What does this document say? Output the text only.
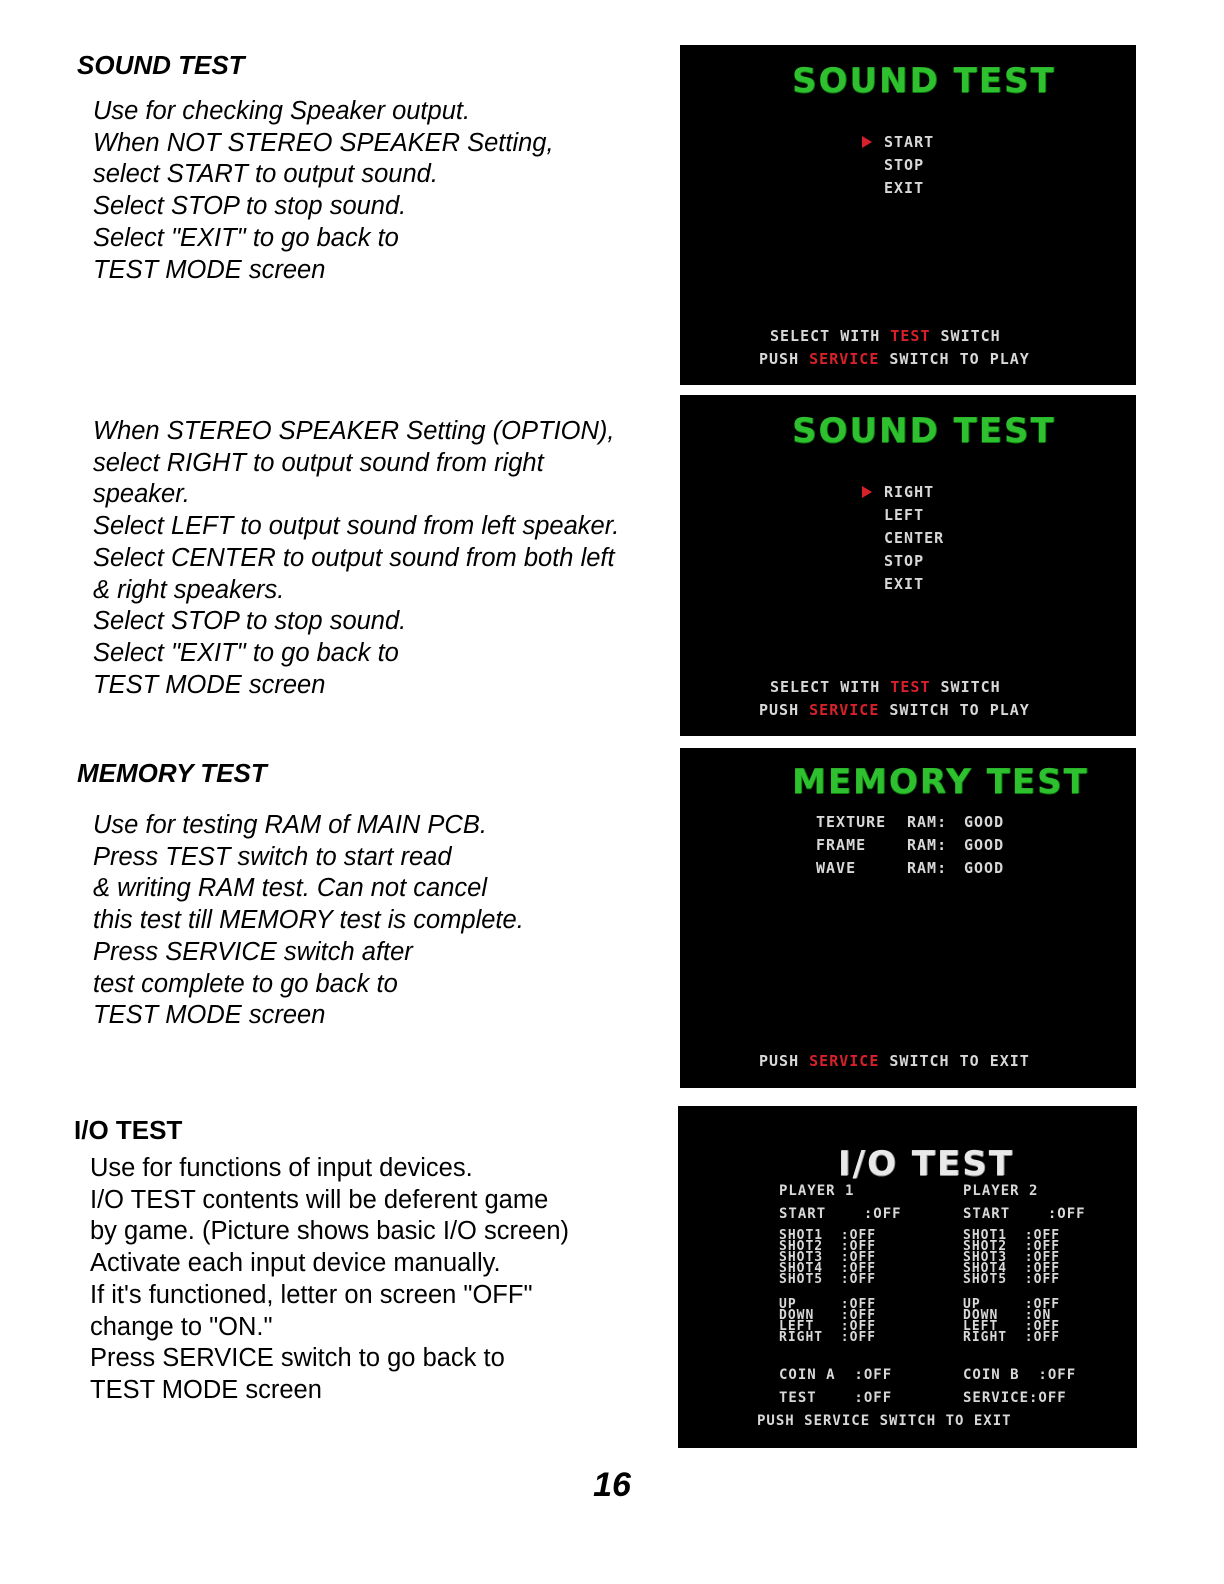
SOUND TEST
Use for checking Speaker output.
When NOT STEREO SPEAKER Setting,
select START to output sound.
Select STOP to stop sound.
Select "EXIT" to go back to
TEST MODE screen
When STEREO SPEAKER Setting (OPTION),
select RIGHT to output sound from right
speaker.
Select LEFT to output sound from left speaker.
Select CENTER to output sound from both left
& right speakers.
Select STOP to stop sound.
Select "EXIT" to go back to
TEST MODE screen
SOUND TEST
START
STOP
EXIT
SELECT WITH TEST SWITCH
PUSH SERVICE SWITCH TO PLAY
SOUND TEST
RIGHT
LEFT
CENTER
STOP
EXIT
SELECT WITH TEST SWITCH
PUSH SERVICE SWITCH TO PLAY
MEMORY TEST
Use for testing RAM of MAIN PCB.
Press TEST switch to start read
& writing RAM test. Can not cancel
this test till MEMORY test is complete.
Press SERVICE switch after
test complete to go back to
TEST MODE screen
MEMORY TEST
TEXTURE RAM: GOOD
FRAME	RAM: GOOD
WAVE	RAM: GOOD
PUSH SERVICE SWITCH TO EXIT
I/O TEST
Use for functions of input devices.
I/O TEST contents will be deferent game
by game. (Picture shows basic I/O screen)
Activate each input device manually.
If it's functioned, letter on screen "OFF"
change to "ON."
Press SERVICE switch to go back to
TEST MODE screen
I/O TEST
PLAYER 1
START    :OFF
SHOT1  :OFF
SHOT2  :OFF
SHOT3  :OFF
SHOT4  :OFF
SHOT5  :OFF
UP     :OFF
DOWN   :OFF
LEFT   :OFF
RIGHT  :OFF
COIN A  :OFF
TEST    :OFF
PLAYER 2
START    :OFF
SHOT1  :OFF
SHOT2  :OFF
SHOT3  :OFF
SHOT4  :OFF
SHOT5  :OFF
UP     :OFF
DOWN   :ON
LEFT   :OFF
RIGHT  :OFF
COIN B  :OFF
SERVICE:OFF
PUSH SERVICE SWITCH TO EXIT
16
